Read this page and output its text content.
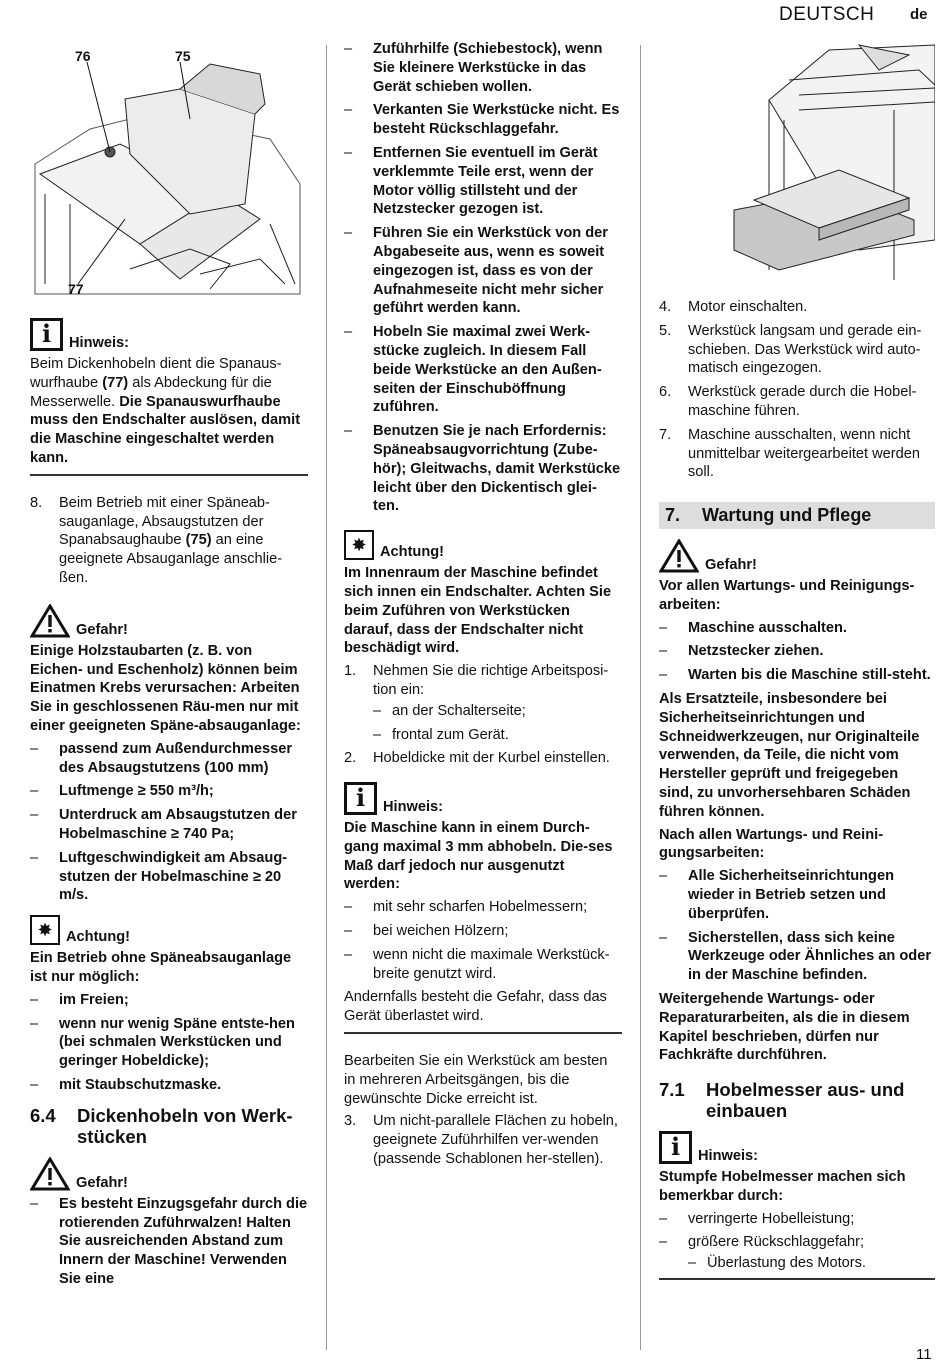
DEUTSCH de
76	75
77
i	Hinweis:

Beim Dickenhobeln dient die Spanaus-wurfhaube (77) als Abdeckung für die Messerwelle. Die Spanauswurfhaube muss den Endschalter auslösen, damit die Maschine eingeschaltet werden kann.

8. Beim Betrieb mit einer Späneab-sauganlage, Absaugstutzen der Spanabsaughaube (75) an eine geeignete Absauganlage anschlie-ßen.
Gefahr!

Einige Holzstaubarten (z. B. von Eichen- und Eschenholz) können beim Einatmen Krebs verursachen: Arbeiten Sie in geschlossenen Räu-men nur mit einer geeigneten Späne-absauganlage:

– passend zum Außendurchmesser des Absaugstutzens (100 mm)
– Luftmenge ≥ 550 m³/h;
– Unterdruck am Absaugstutzen der Hobelmaschine ≥ 740 Pa;
– Luftgeschwindigkeit am Absaug-stutzen der Hobelmaschine ≥ 20 m/s.
✸ Achtung!

Ein Betrieb ohne Späneabsauganlage ist nur möglich:

– im Freien;
– wenn nur wenig Späne entste-hen (bei schmalen Werkstücken und geringer Hobeldicke);
– mit Staubschutzmaske.
6.4	Dickenhobeln von Werk-stücken
Gefahr!
– Es besteht Einzugsgefahr durch die rotierenden Zuführwalzen! Halten Sie ausreichenden Abstand zum Innern der Maschine! Verwenden Sie eine
– Zuführhilfe (Schiebestock), wenn Sie kleinere Werkstücke in das Gerät schieben wollen.
– Verkanten Sie Werkstücke nicht. Es besteht Rückschlaggefahr.
– Entfernen Sie eventuell im Gerät verklemmte Teile erst, wenn der Motor völlig stillsteht und der Netzstecker gezogen ist.
– Führen Sie ein Werkstück von der Abgabeseite aus, wenn es soweit eingezogen ist, dass es von der Aufnahmeseite nicht mehr sicher geführt werden kann.
– Hobeln Sie maximal zwei Werk-stücke zugleich. In diesem Fall beide Werkstücke an den Außen-seiten der Einschuböffnung zuführen.
– Benutzen Sie je nach Erfordernis: Späneabsaugvorrichtung (Zube-hör); Gleitwachs, damit Werkstücke leicht über den Dickentisch glei-ten.
✸ Achtung!

Im Innenraum der Maschine befindet sich innen ein Endschalter. Achten Sie beim Zuführen von Werkstücken darauf, dass der Endschalter nicht beschädigt wird.

1. Nehmen Sie die richtige Arbeitsposi-tion ein:
– an der Schalterseite;
– frontal zum Gerät.
2. Hobeldicke mit der Kurbel einstellen.
i	Hinweis:

Die Maschine kann in einem Durch-gang maximal 3 mm abhobeln. Die-ses Maß darf jedoch nur ausgenutzt werden:

– mit sehr scharfen Hobelmessern;
– bei weichen Hölzern;
– wenn nicht die maximale Werkstück-breite genutzt wird.

Andernfalls besteht die Gefahr, dass das Gerät überlastet wird.

Bearbeiten Sie ein Werkstück am besten in mehreren Arbeitsgängen, bis die gewünschte Dicke erreicht ist.

3. Um nicht-parallele Flächen zu hobeln, geeignete Zuführhilfen ver-wenden (passende Schablonen her-stellen).
4. Motor einschalten.
5. Werkstück langsam und gerade ein-schieben. Das Werkstück wird auto-matisch eingezogen.
6. Werkstück gerade durch die Hobel-maschine führen.
7. Maschine ausschalten, wenn nicht unmittelbar weitergearbeitet werden soll.
7.	Wartung und Pflege
Gefahr!

Vor allen Wartungs- und Reinigungs-arbeiten:

– Maschine ausschalten.
– Netzstecker ziehen.
– Warten bis die Maschine still-steht.

Als Ersatzteile, insbesondere bei Sicherheitseinrichtungen und Schneidwerkzeugen, nur Originalteile verwenden, da Teile, die nicht vom Hersteller geprüft und freigegeben sind, zu unvorhersehbaren Schäden führen können.

Nach allen Wartungs- und Reini-gungsarbeiten:

– Alle Sicherheitseinrichtungen wieder in Betrieb setzen und überprüfen.
– Sicherstellen, dass sich keine Werkzeuge oder Ähnliches an oder in der Maschine befinden.

Weitergehende Wartungs- oder Reparaturarbeiten, als die in diesem Kapitel beschrieben, dürfen nur Fachkräfte durchführen.

7.1	Hobelmesser aus- und einbauen
i	Hinweis:

Stumpfe Hobelmesser machen sich bemerkbar durch:

– verringerte Hobelleistung;
– größere Rückschlaggefahr;
– Überlastung des Motors.
11
